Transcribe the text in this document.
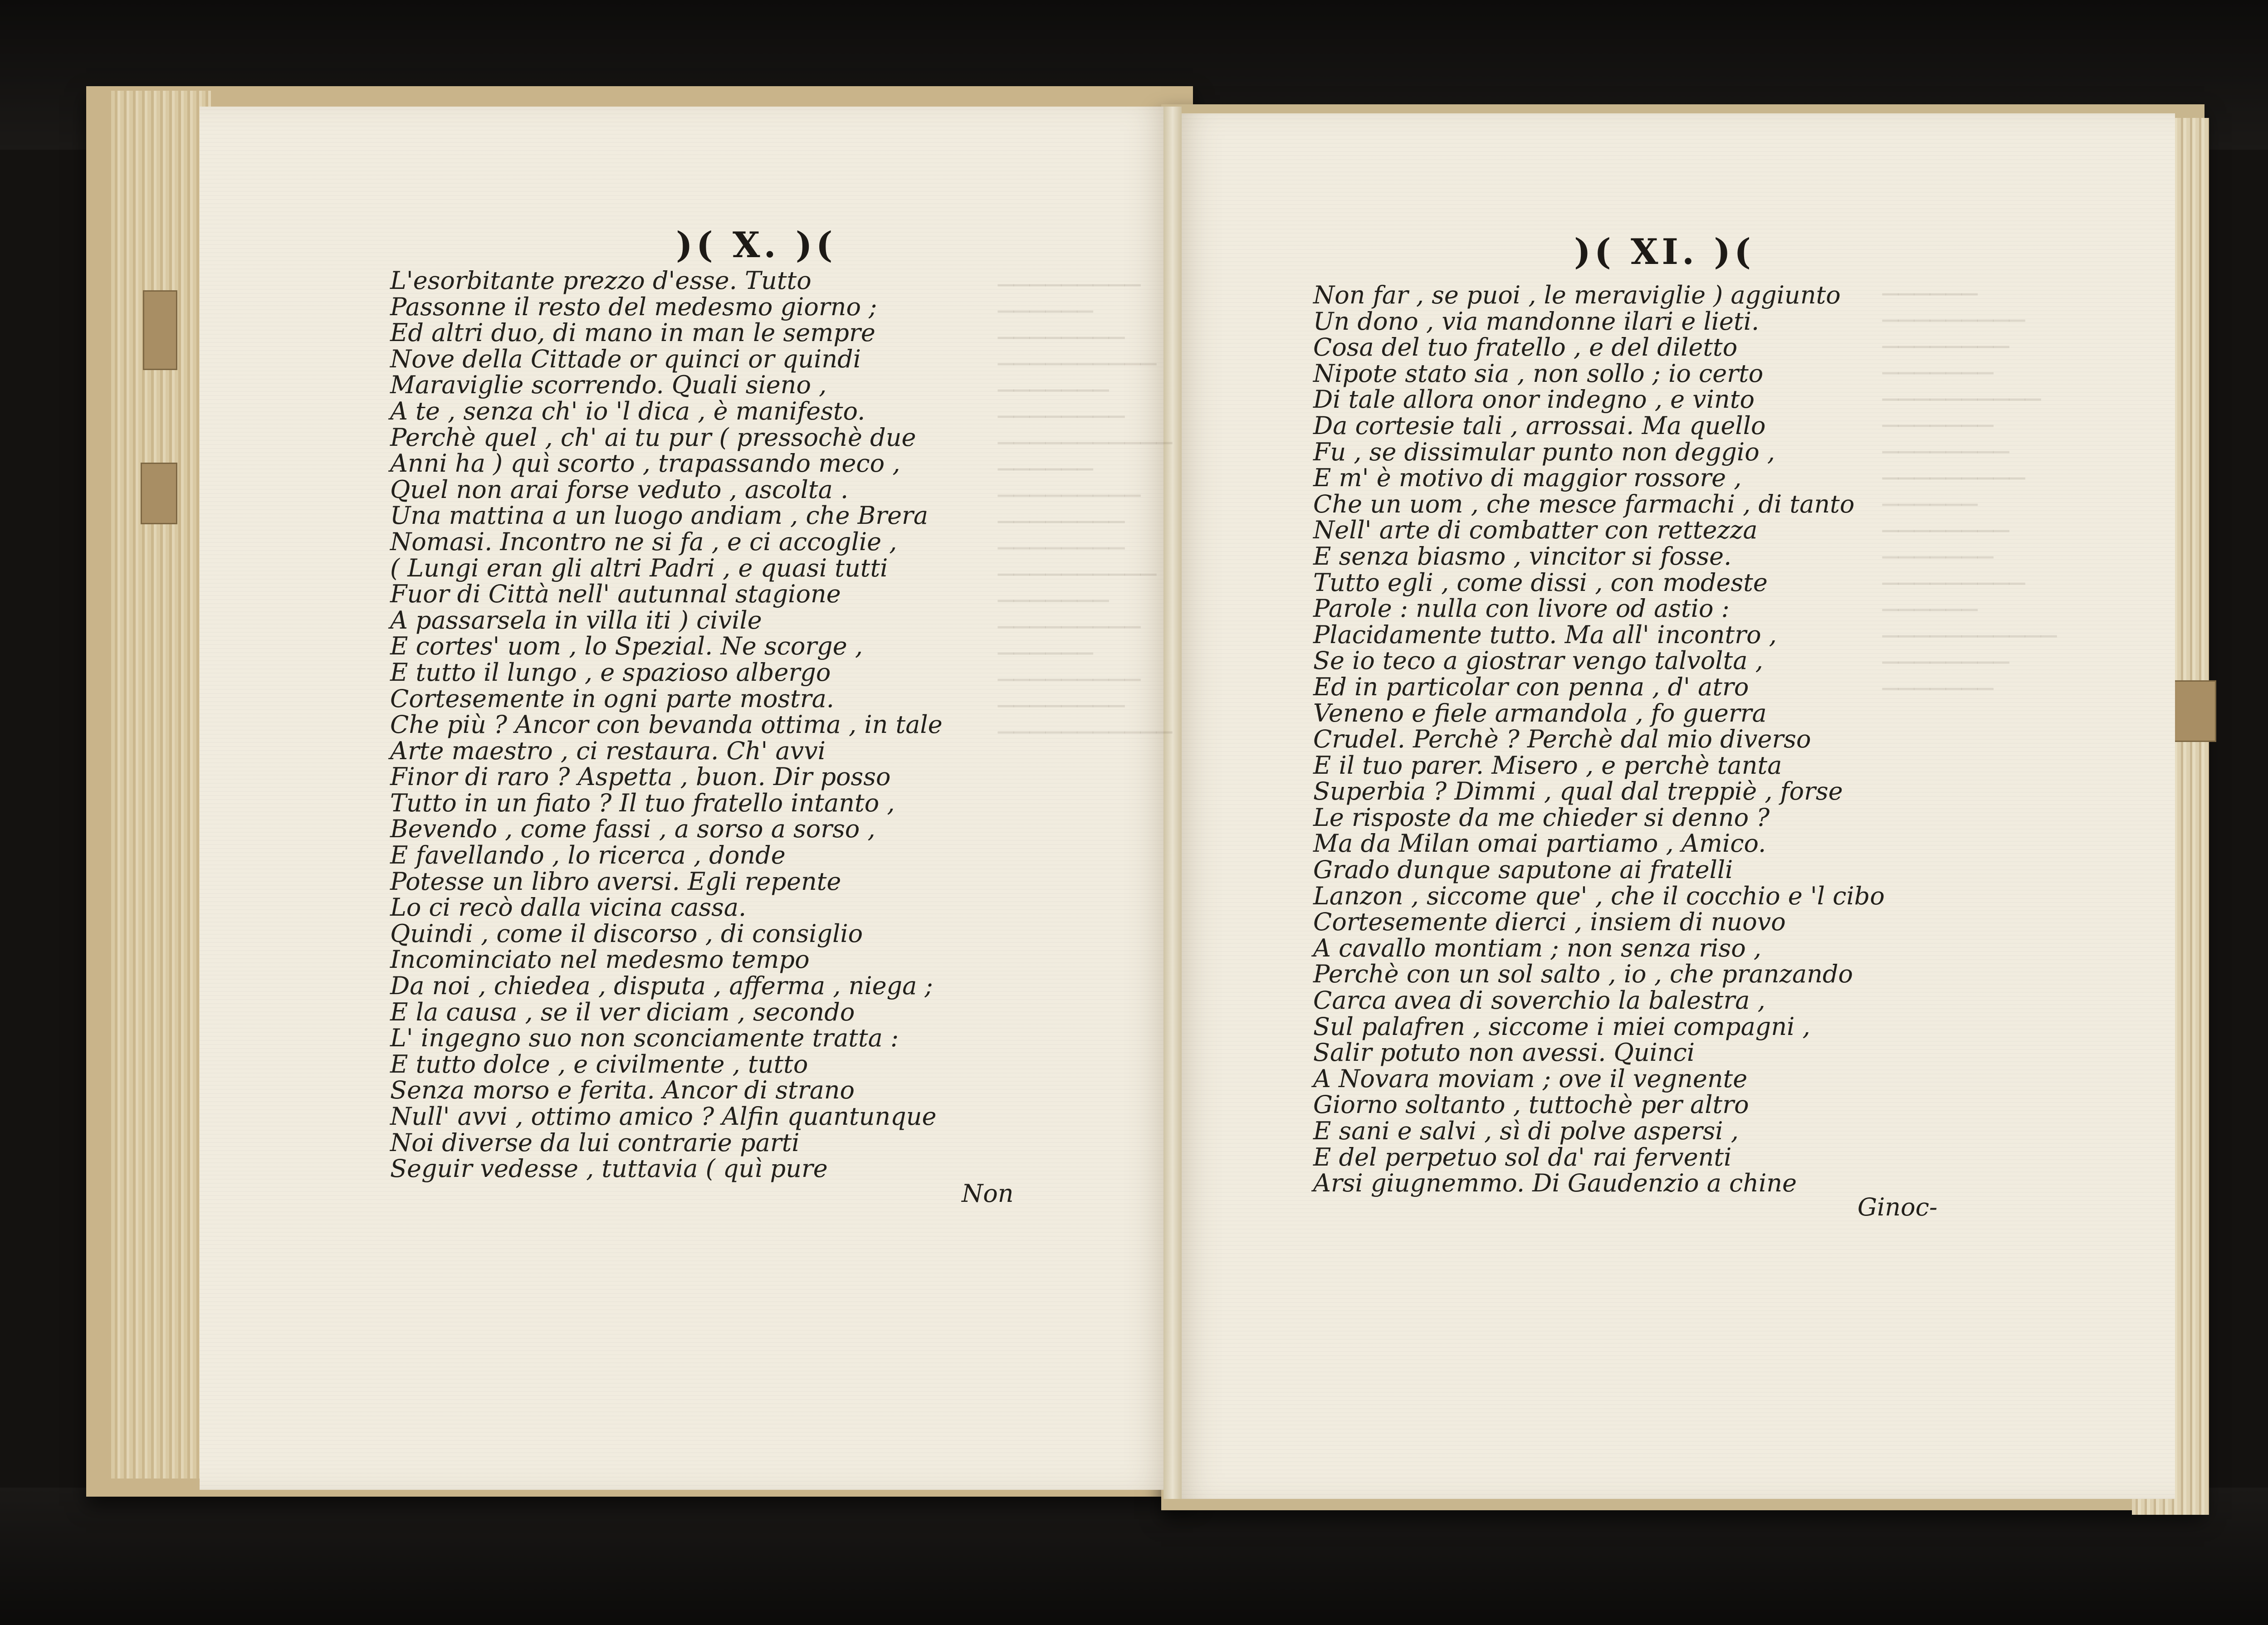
─────────
──────
────────
──────────
───────
────────
───────────
──────
─────────
────────
────────
──────────
───────
─────────
──────
─────────
────────
───────────
──────
─────────
────────
───────
──────────
───────
────────
─────────
──────
────────
───────
─────────
──────
───────────
────────
───────
)( X. )(
L'esorbitante prezzo d'esse. Tutto
Passonne il resto del medesmo giorno ;
Ed altri duo, di mano in man le sempre
Nove della Cittade or quinci or quindi
Maraviglie scorrendo. Quali sieno ,
A te , senza ch' io 'l dica , è manifesto.
Perchè quel , ch' ai tu pur ( pressochè due
Anni ha ) quì scorto , trapassando meco ,
Quel non arai forse veduto , ascolta .
Una mattina a un luogo andiam , che Brera
Nomasi. Incontro ne si fa , e ci accoglie ,
( Lungi eran gli altri Padri , e quasi tutti
Fuor di Città nell' autunnal stagione
A passarsela in villa iti ) civile
E cortes' uom , lo Spezial. Ne scorge ,
E tutto il lungo , e spazioso albergo
Cortesemente in ogni parte mostra.
Che più ? Ancor con bevanda ottima , in tale
Arte maestro , ci restaura. Ch' avvi
Finor di raro ? Aspetta , buon. Dir posso
Tutto in un fiato ? Il tuo fratello intanto ,
Bevendo , come fassi , a sorso a sorso ,
E favellando , lo ricerca , donde
Potesse un libro aversi. Egli repente
Lo ci recò dalla vicina cassa.
Quindi , come il discorso , di consiglio
Incominciato nel medesmo tempo
Da noi , chiedea , disputa , afferma , niega ;
E la causa , se il ver diciam , secondo
L' ingegno suo non sconciamente tratta :
E tutto dolce , e civilmente , tutto
Senza morso e ferita. Ancor di strano
Null' avvi , ottimo amico ? Alfin quantunque
Noi diverse da lui contrarie parti
Seguir vedesse , tuttavia ( quì pure
Non
)( XI. )(
Non far , se puoi , le meraviglie ) aggiunto
Un dono , via mandonne ilari e lieti.
Cosa del tuo fratello , e del diletto
Nipote stato sia , non sollo ; io certo
Di tale allora onor indegno , e vinto
Da cortesie tali , arrossai. Ma quello
Fu , se dissimular punto non deggio ,
E m' è motivo di maggior rossore ,
Che un uom , che mesce farmachi , di tanto
Nell' arte di combatter con rettezza
E senza biasmo , vincitor si fosse.
Tutto egli , come dissi , con modeste
Parole : nulla con livore od astio :
Placidamente tutto. Ma all' incontro ,
Se io teco a giostrar vengo talvolta ,
Ed in particolar con penna , d' atro
Veneno e fiele armandola , fo guerra
Crudel. Perchè ? Perchè dal mio diverso
E il tuo parer. Misero , e perchè tanta
Superbia ? Dimmi , qual dal treppiè , forse
Le risposte da me chieder si denno ?
Ma da Milan omai partiamo , Amico.
Grado dunque saputone ai fratelli
Lanzon , siccome que' , che il cocchio e 'l cibo
Cortesemente dierci , insiem di nuovo
A cavallo montiam ; non senza riso ,
Perchè con un sol salto , io , che pranzando
Carca avea di soverchio la balestra ,
Sul palafren , siccome i miei compagni ,
Salir potuto non avessi. Quinci
A Novara moviam ; ove il vegnente
Giorno soltanto , tuttochè per altro
E sani e salvi , sì di polve aspersi ,
E del perpetuo sol da' rai ferventi
Arsi giugnemmo. Di Gaudenzio a chine
Ginoc-
